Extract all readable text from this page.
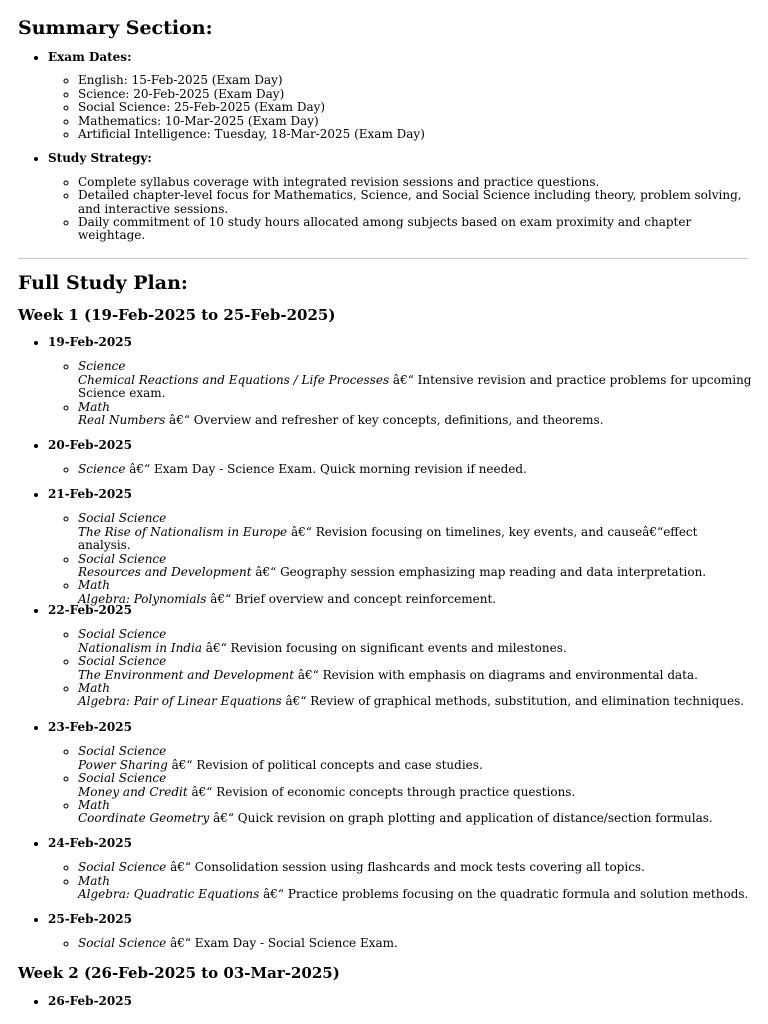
Summary Section:
• Exam Dates:
◦ English: 15-Feb-2025 (Exam Day)
◦ Science: 20-Feb-2025 (Exam Day)
◦ Social Science: 25-Feb-2025 (Exam Day)
◦ Mathematics: 10-Mar-2025 (Exam Day)
◦ Artificial Intelligence: Tuesday, 18-Mar-2025 (Exam Day)
• Study Strategy:
◦ Complete syllabus coverage with integrated revision sessions and practice questions.
◦ Detailed chapter-level focus for Mathematics, Science, and Social Science including theory, problem solving, and interactive sessions.
◦ Daily commitment of 10 study hours allocated among subjects based on exam proximity and chapter weightage.
Full Study Plan:
Week 1 (19-Feb-2025 to 25-Feb-2025)
• 19-Feb-2025
◦ Science
Chemical Reactions and Equations / Life Processes â€“ Intensive revision and practice problems for upcoming Science exam.
◦ Math
Real Numbers â€“ Overview and refresher of key concepts, definitions, and theorems.
• 20-Feb-2025
◦ Science â€“ Exam Day - Science Exam. Quick morning revision if needed.
• 21-Feb-2025
◦ Social Science
The Rise of Nationalism in Europe â€“ Revision focusing on timelines, key events, and causeâ€“effect analysis.
◦ Social Science
Resources and Development â€“ Geography session emphasizing map reading and data interpretation.
◦ Math
Algebra: Polynomials â€“ Brief overview and concept reinforcement.
• 22-Feb-2025
◦ Social Science
Nationalism in India â€“ Revision focusing on significant events and milestones.
◦ Social Science
The Environment and Development â€“ Revision with emphasis on diagrams and environmental data.
◦ Math
Algebra: Pair of Linear Equations â€“ Review of graphical methods, substitution, and elimination techniques.
• 23-Feb-2025
◦ Social Science
Power Sharing â€“ Revision of political concepts and case studies.
◦ Social Science
Money and Credit â€“ Revision of economic concepts through practice questions.
◦ Math
Coordinate Geometry â€“ Quick revision on graph plotting and application of distance/section formulas.
• 24-Feb-2025
◦ Social Science â€“ Consolidation session using flashcards and mock tests covering all topics.
◦ Math
Algebra: Quadratic Equations â€“ Practice problems focusing on the quadratic formula and solution methods.
• 25-Feb-2025
◦ Social Science â€“ Exam Day - Social Science Exam.
Week 2 (26-Feb-2025 to 03-Mar-2025)
• 26-Feb-2025
